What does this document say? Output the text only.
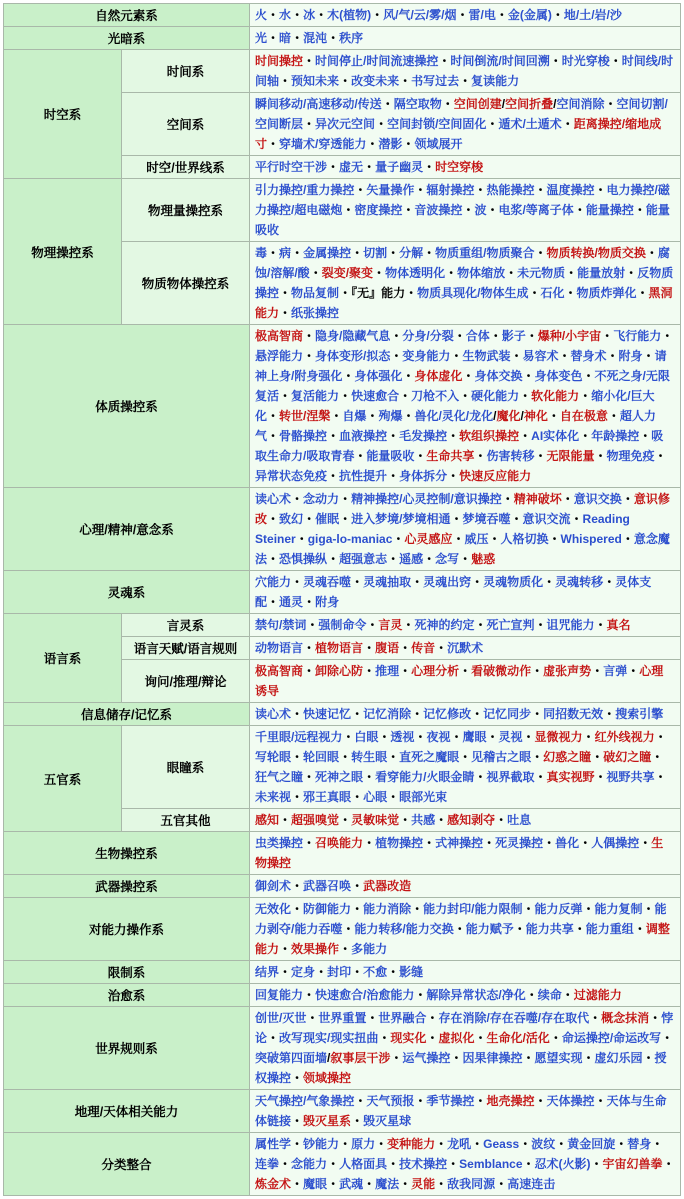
自然元素系		火・水・冰・木(植物)・风/气/云/雾/烟・雷/电・金(金属)・地/土/岩/沙
光暗系		光・暗・混沌・秩序
时空系	时间系	时间操控・时间停止/时间流速操控・时间倒流/时间回溯・时光穿梭・时间线/时间轴・预知未来・改变未来・书写过去・复读能力
	空间系	瞬间移动/高速移动/传送・隔空取物・空间创建/空间折叠/空间消除・空间切割/空间断层・异次元空间・空间封锁/空间固化・遁术/土遁术・距离操控/缩地成寸・穿墙术/穿透能力・潜影・领域展开
	时空/世界线系	平行时空干涉・虚无・量子幽灵・时空穿梭
物理操控系	物理量操控系	引力操控/重力操控・矢量操作・辐射操控・热能操控・温度操控・电力操控/磁力操控/超电磁炮・密度操控・音波操控・波・电浆/等离子体・能量操控・能量吸收
	物质物体操控系	毒・病・金属操控・切割・分解・物质重组/物质聚合・物质转换/物质交换・腐蚀/溶解/酸・裂变/聚变・物体透明化・物体缩放・未元物质・能量放射・反物质操控・物品复制・『无』能力・物质具现化/物体生成・石化・物质炸弹化・黑洞能力・纸张操控
体质操控系		极高智商・隐身/隐藏气息・分身/分裂・合体・影子・爆种/小宇宙・飞行能力・悬浮能力・身体变形/拟态・变身能力・生物武装・易容术・替身术・附身・请神上身/附身强化・身体强化・身体虚化・身体交换・身体变色・不死之身/无限复活・复活能力・快速愈合・刀枪不入・硬化能力・软化能力・缩小化/巨大化・转世/涅槃・自爆・殉爆・兽化/灵化/龙化/魔化/神化・自在极意・超人力气・骨骼操控・血液操控・毛发操控・软组织操控・AI实体化・年龄操控・吸取生命力/吸取青春・能量吸收・生命共享・伤害转移・无限能量・物理免疫・异常状态免疫・抗性提升・身体拆分・快速反应能力
心理/精神/意念系		读心术・念动力・精神操控/心灵控制/意识操控・精神破坏・意识交换・意识修改・致幻・催眠・进入梦境/梦境相通・梦境吞噬・意识交流・Reading Steiner・giga-lo-maniac・心灵感应・威压・人格切换・Whispered・意念魔法・恐惧操纵・超强意志・遥感・念写・魅惑
灵魂系		穴能力・灵魂吞噬・灵魂抽取・灵魂出窍・灵魂物质化・灵魂转移・灵体支配・通灵・附身
语言系	言灵系	禁句/禁词・强制命令・言灵・死神的约定・死亡宣判・诅咒能力・真名
	语言天赋/语言规则	动物语言・植物语言・腹语・传音・沉默术
	询问/推理/辩论	极高智商・卸除心防・推理・心理分析・看破微动作・虚张声势・言弹・心理诱导
信息储存/记忆系		读心术・快速记忆・记忆消除・记忆修改・记忆同步・同招数无效・搜索引擎
五官系	眼瞳系	千里眼/远程视力・白眼・透视・夜视・鹰眼・灵视・显微视力・红外线视力・写轮眼・轮回眼・转生眼・直死之魔眼・见稽古之眼・幻惑之瞳・破幻之瞳・狂气之瞳・死神之眼・看穿能力/火眼金睛・视界截取・真实视野・视野共享・未来视・邪王真眼・心眼・眼部光束
	五官其他	感知・超强嗅觉・灵敏味觉・共感・感知剥夺・吐息
生物操控系		虫类操控・召唤能力・植物操控・式神操控・死灵操控・兽化・人偶操控・生物操控
武器操控系		御剑术・武器召唤・武器改造
对能力操作系		无效化・防御能力・能力消除・能力封印/能力限制・能力反弹・能力复制・能力剥夺/能力吞噬・能力转移/能力交换・能力赋予・能力共享・能力重组・调整能力・效果操作・多能力
限制系		结界・定身・封印・不愈・影缝
治愈系		回复能力・快速愈合/治愈能力・解除异常状态/净化・续命・过滤能力
世界规则系		创世/灭世・世界重置・世界融合・存在消除/存在吞噬/存在取代・概念抹消・悖论・改写现实/现实扭曲・现实化・虚拟化・生命化/活化・命运操控/命运改写・突破第四面墙/叙事层干涉・运气操控・因果律操控・愿望实现・虚幻乐园・授权操控・领域操控
地理/天体相关能力		天气操控/气象操控・天气预报・季节操控・地壳操控・天体操控・天体与生命体链接・毁灭星系・毁灭星球
分类整合		属性学・钞能力・原力・变种能力・龙吼・Geass・波纹・黄金回旋・替身・连拳・念能力・人格面具・技术操控・Semblance・忍术(火影)・宇宙幻兽拳・炼金术・魔眼・武魂・魔法・灵能・敌我同源・高速连击
